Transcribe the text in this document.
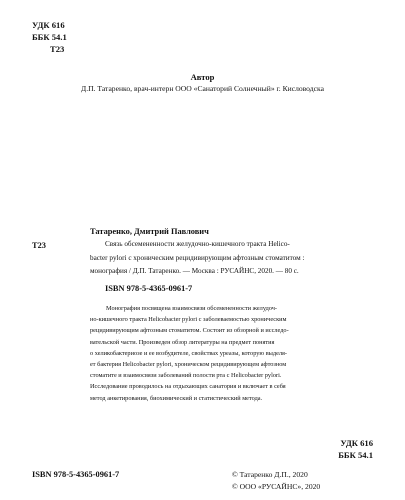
УДК 616
ББК 54.1
Т23
Автор
Д.П. Татаренко, врач-интерн ООО «Санаторий Солнечный» г. Кисловодска
Татаренко, Дмитрий Павлович
Т23	Связь обсемененности желудочно-кишечного тракта Helico-
bacter pylori с хроническим рецидивирующим афтозным стоматитом :
монография / Д.П. Татаренко. — Москва : РУСАЙНС, 2020. — 80 с.
ISBN 978-5-4365-0961-7
Монография посвящена взаимосвязи обсемененности желудоч-
но-кишечного тракта Helicobacter pylori с заболеваемостью хроническим
рецидивирующим афтозным стоматитом. Состоит из обзорной и исследо-
вательской части. Произведен обзор литературы на предмет понятия
о хеликобактериозе и ее возбудителе, свойствах уреазы, которую выделя-
ет бактерия Helicobacter pylori, хроническом рецидивирующем афтозном
стоматите и взаимосвязи заболеваний полости рта с Helicobacter pylori.
Исследование проводилось на отдыхающих санатория и включает в себя
метод анкетирования, биохимический и статистический метода.
УДК 616
ББК 54.1
ISBN 978-5-4365-0961-7	© Татаренко Д.П., 2020
© ООО «РУСАЙНС», 2020
